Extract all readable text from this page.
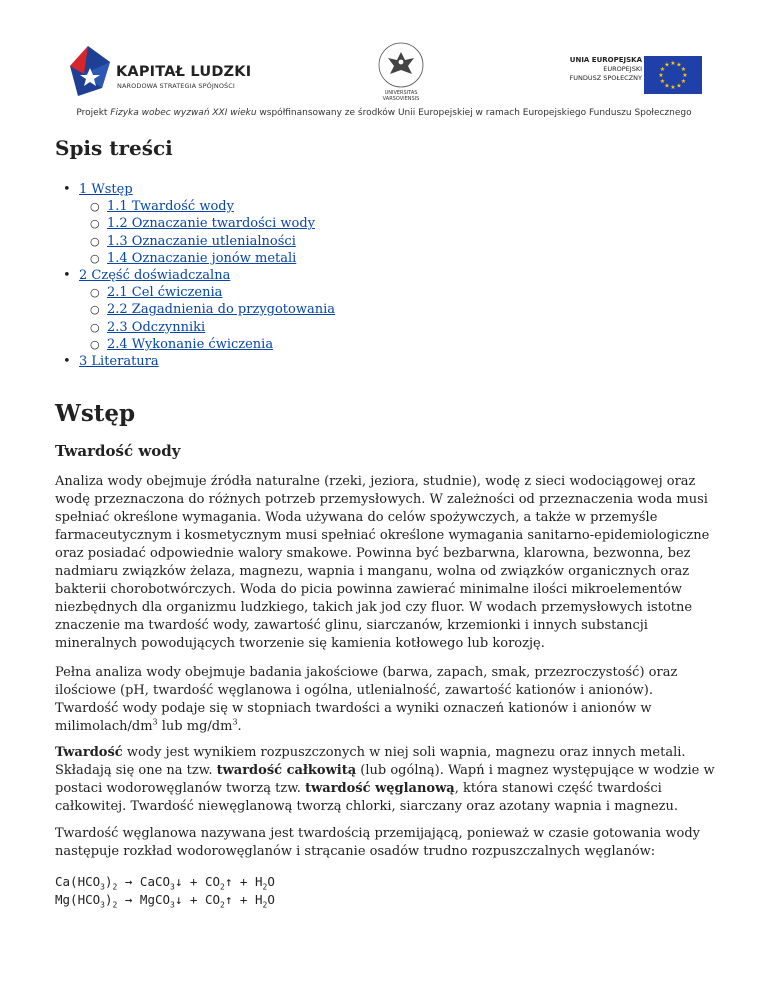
KAPITAŁ LUDZKI
NARODOWA STRATEGIA SPÓJNOŚCI
UNIVERSITAS VARSOVIENSIS
UNIA EUROPEJSKA
EUROPEJSKI
FUNDUSZ SPOŁECZNY
★ ★
★
★
★
★
★
★
★
★
★
★
Projekt Fizyka wobec wyzwań XXI wieku współfinansowany ze środków Unii Europejskiej w ramach Europejskiego Funduszu Społecznego
Spis treści
• 1 Wstęp
○ 1.1 Twardość wody
○ 1.2 Oznaczanie twardości wody
○ 1.3 Oznaczanie utlenialności
○ 1.4 Oznaczanie jonów metali
• 2 Część doświadczalna
○ 2.1 Cel ćwiczenia
○ 2.2 Zagadnienia do przygotowania
○ 2.3 Odczynniki
○ 2.4 Wykonanie ćwiczenia
• 3 Literatura
Wstęp
Twardość wody

Analiza wody obejmuje źródła naturalne (rzeki, jeziora, studnie), wodę z sieci wodociągowej oraz wodę przeznaczona do różnych potrzeb przemysłowych. W zależności od przeznaczenia woda musi spełniać określone wymagania. Woda używana do celów spożywczych, a także w przemyśle farmaceutycznym i kosmetycznym musi spełniać określone wymagania sanitarno-epidemiologiczne oraz posiadać odpowiednie walory smakowe. Powinna być bezbarwna, klarowna, bezwonna, bez nadmiaru związków żelaza, magnezu, wapnia i manganu, wolna od związków organicznych oraz bakterii chorobotwórczych. Woda do picia powinna zawierać minimalne ilości mikroelementów niezbędnych dla organizmu ludzkiego, takich jak jod czy fluor. W wodach przemysłowych istotne znaczenie ma twardość wody, zawartość glinu, siarczanów, krzemionki i innych substancji mineralnych powodujących tworzenie się kamienia kotłowego lub korozję.

Pełna analiza wody obejmuje badania jakościowe (barwa, zapach, smak, przezroczystość) oraz ilościowe (pH, twardość węglanowa i ogólna, utlenialność, zawartość kationów i anionów). Twardość wody podaje się w stopniach twardości a wyniki oznaczeń kationów i anionów w milimolach/$dm^3$ lub $mg/dm^3$.

Twardość wody jest wynikiem rozpuszczonych w niej soli wapnia, magnezu oraz innych metali. Składają się one na tzw. twardość całkowitą (lub ogólną). Wapń i magnez występujące w wodzie w postaci wodorowęglanów tworzą tzw. twardość węglanową, która stanowi część twardości całkowitej. Twardość niewęglanową tworzą chlorki, siarczany oraz azotany wapnia i magnezu.

Twardość węglanowa nazywana jest twardością przemijającą, ponieważ w czasie gotowania wody następuje rozkład wodorowęglanów i strącanie osadów trudno rozpuszczalnych węglanów:

$Ca(HCO_3)_2$ → CaCO$_3$↓ + $CO_2↑ + H_2O$
$Mg(HCO_3)_2$ → MgCO$_3$↓ + $CO_2↑ + H_2O$
